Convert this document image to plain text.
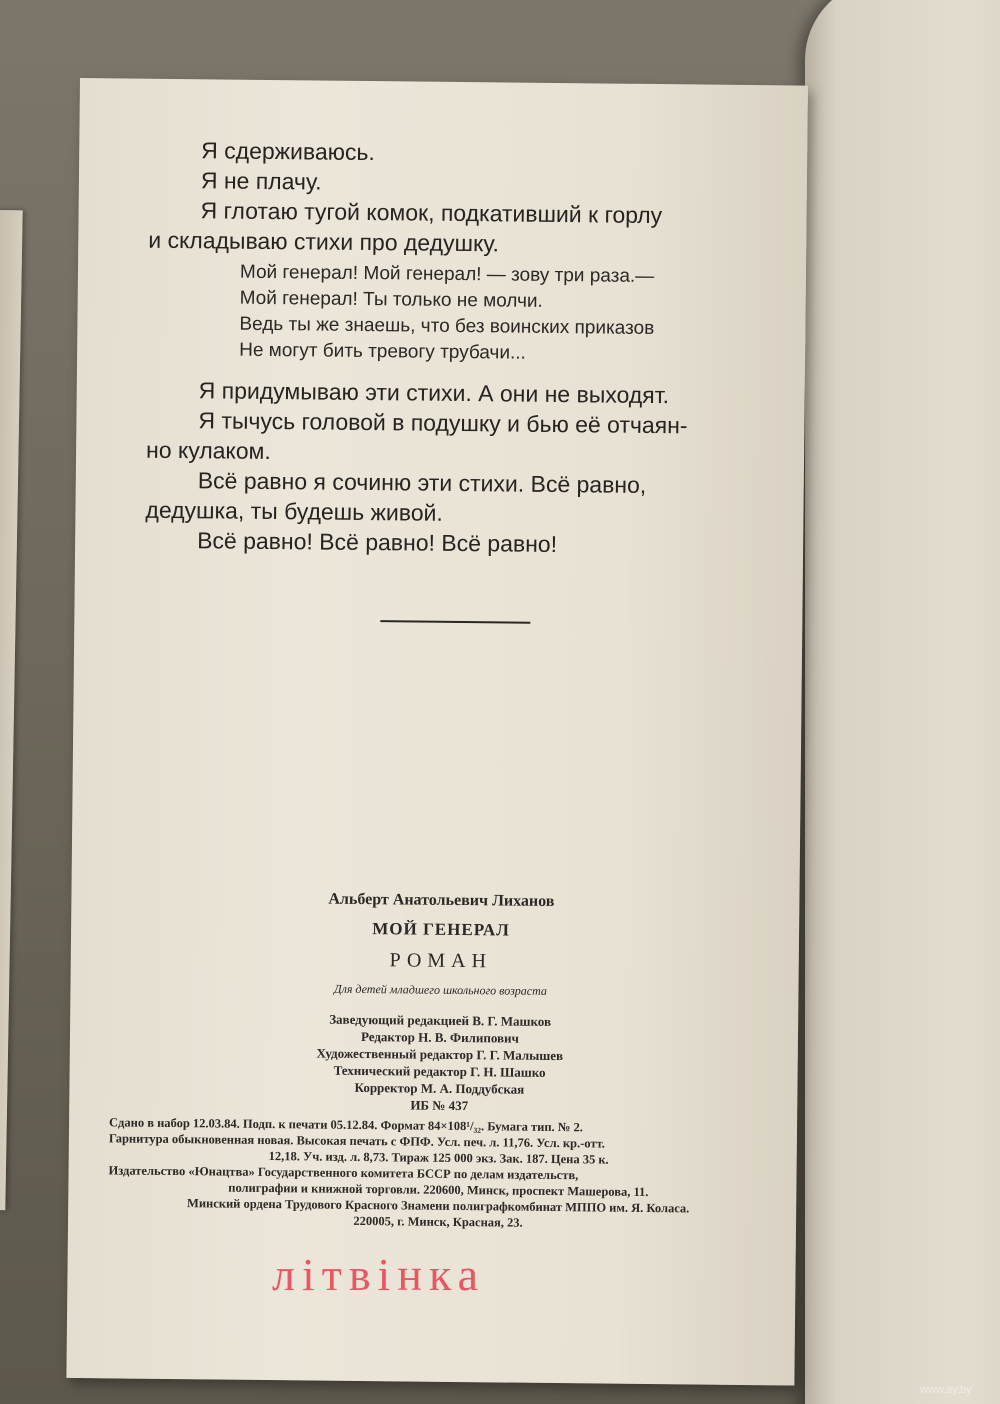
Я сдерживаюсь.

Я не плачу.

Я глотаю тугой комок, подкативший к горлу

и складываю стихи про дедушку.

Мой генерал! Мой генерал! — зову три раза.—
Мой генерал! Ты только не молчи.
Ведь ты же знаешь, что без воинских приказов
Не могут бить тревогу трубачи...

Я придумываю эти стихи. А они не выходят.

Я тычусь головой в подушку и бью её отчаян-

но кулаком.

Всё равно я сочиню эти стихи. Всё равно,

дедушка, ты будешь живой.

Всё равно! Всё равно! Всё равно!

Альберт Анатольевич Лиханов
МОЙ ГЕНЕРАЛ
РОМАН
Для детей младшего школьного возраста
Заведующий редакцией В. Г. Машков
Редактор Н. В. Филипович
Художественный редактор Г. Г. Малышев
Технический редактор Г. Н. Шашко
Корректор М. А. Поддубская
ИБ № 437
Сдано в набор 12.03.84. Подп. к печати 05.12.84. Формат 84×108¹/₃₂. Бумага тип. № 2.
Гарнитура обыкновенная новая. Высокая печать с ФПФ. Усл. печ. л. 11,76. Усл. кр.-отт.
12,18. Уч. изд. л. 8,73. Тираж 125 000 экз. Зак. 187. Цена 35 к.
Издательство «Юнацтва» Государственного комитета БССР по делам издательств,
полиграфии и книжной торговли. 220600, Минск, проспект Машерова, 11.
Минский ордена Трудового Красного Знамени полиграфкомбинат МППО им. Я. Коласа.
220005, г. Минск, Красная, 23.
лiтвiнка
www.ay.by
